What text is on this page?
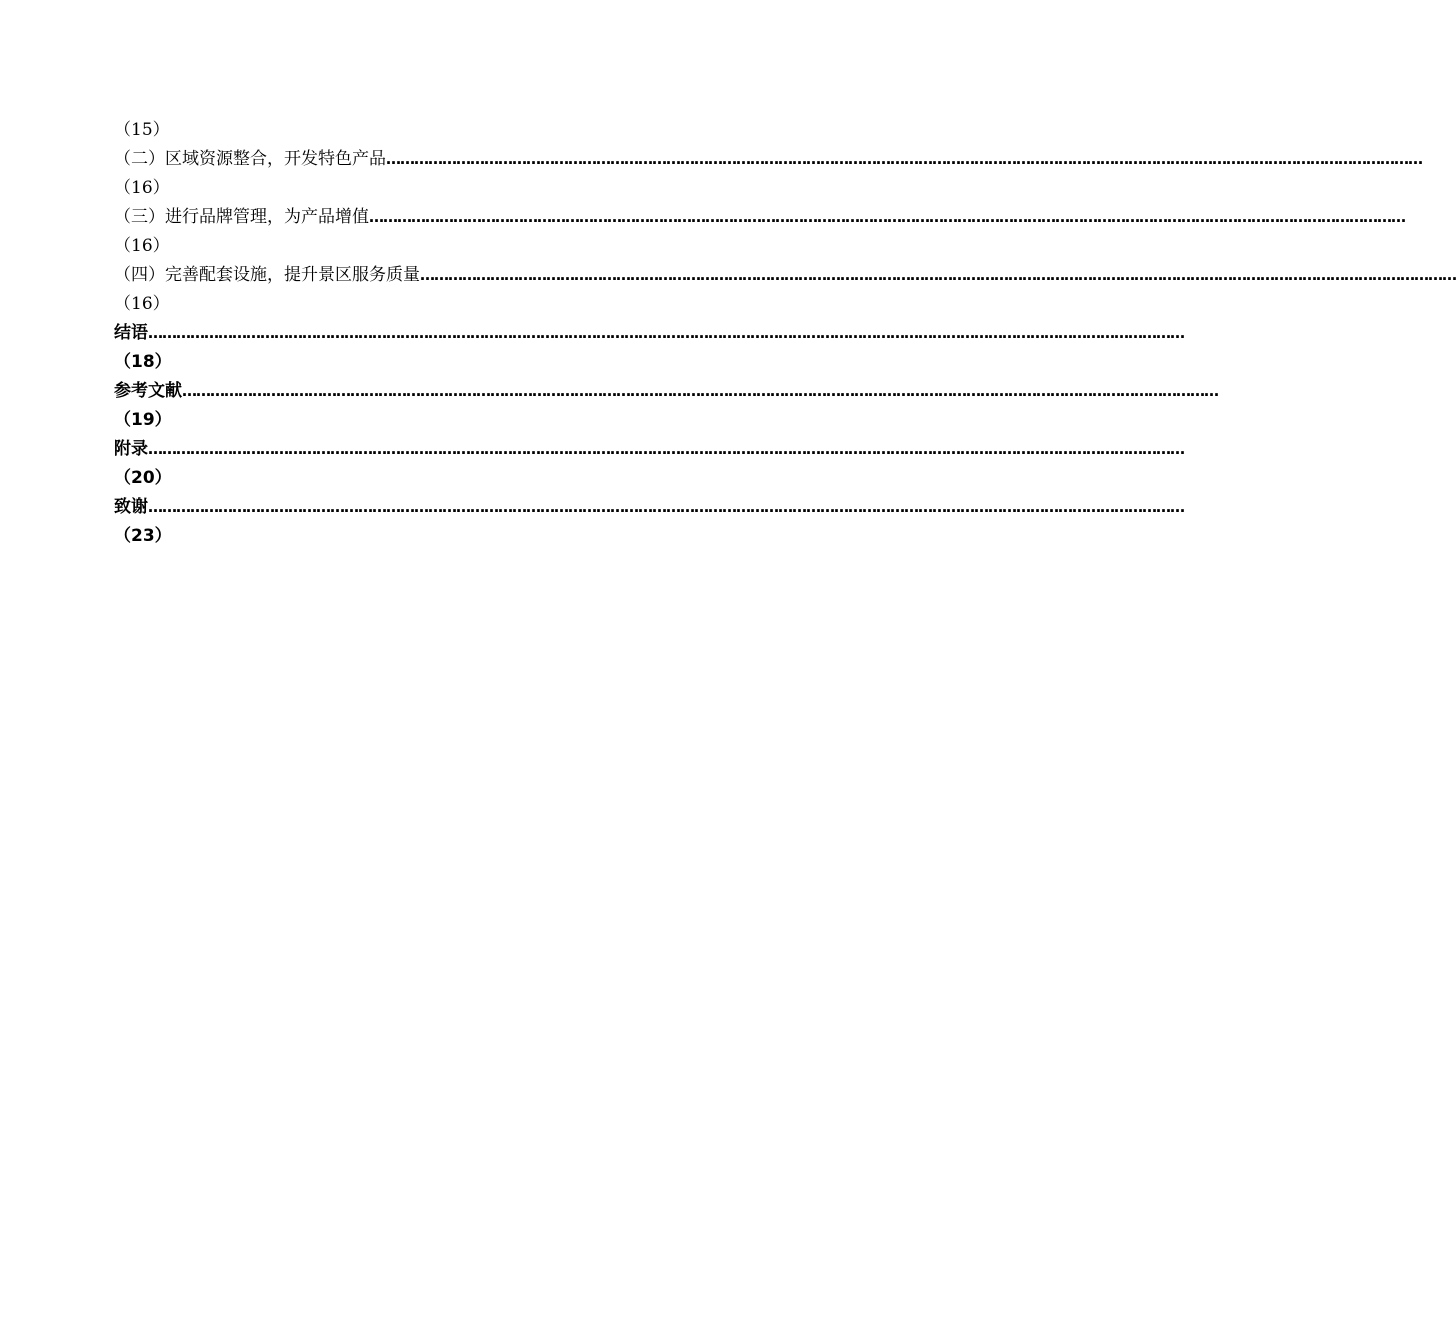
（15）
（二）区域资源整合，开发特色产品 ……………………………………………………………………………………………………………………………………………………………………………………………………
（16）
（三）进行品牌管理，为产品增值 ……………………………………………………………………………………………………………………………………………………………………………………………………
（16）
（四）完善配套设施，提升景区服务质量 ……………………………………………………………………………………………………………………………………………………………………………………………………
（16）
结语 ……………………………………………………………………………………………………………………………………………………………………………………………………
（18）
参考文献 ……………………………………………………………………………………………………………………………………………………………………………………………………
（19）
附录 ……………………………………………………………………………………………………………………………………………………………………………………………………
（20）
致谢 ……………………………………………………………………………………………………………………………………………………………………………………………………
（23）
